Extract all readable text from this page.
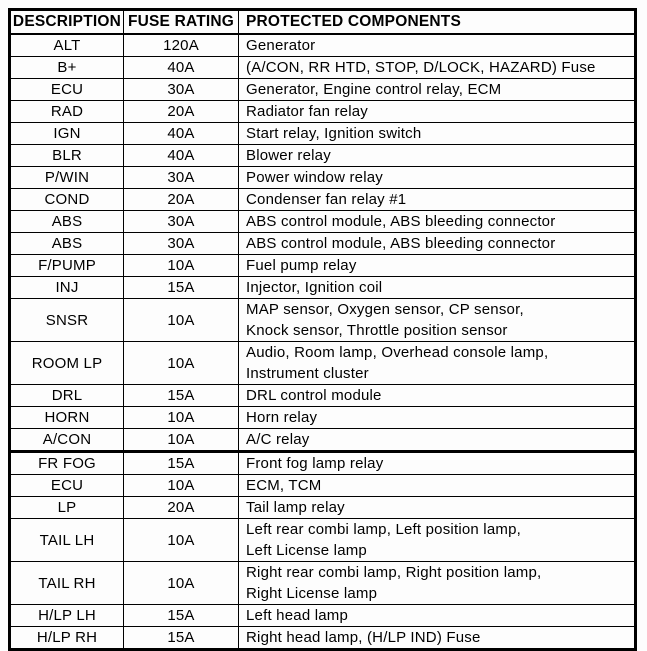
DESCRIPTION	FUSE RATING	PROTECTED COMPONENTS
ALT	120A	Generator

B+	40A	(A/CON, RR HTD, STOP, D/LOCK, HAZARD) Fuse

ECU	30A	Generator, Engine control relay, ECM

RAD	20A	Radiator fan relay

IGN	40A	Start relay, Ignition switch

BLR	40A	Blower relay

P/WIN	30A	Power window relay

COND	20A	Condenser fan relay #1

ABS	30A	ABS control module, ABS bleeding connector

ABS	30A	ABS control module, ABS bleeding connector

F/PUMP	10A	Fuel pump relay

INJ	15A	Injector, Ignition coil

SNSR	10A	MAP sensor, Oxygen sensor, CP sensor,
Knock sensor, Throttle position sensor

ROOM LP	10A	Audio, Room lamp, Overhead console lamp,
Instrument cluster

DRL	15A	DRL control module

HORN	10A	Horn relay

A/CON	10A	A/C relay

FR FOG	15A	Front fog lamp relay

ECU	10A	ECM, TCM

LP	20A	Tail lamp relay

TAIL LH	10A	Left rear combi lamp, Left position lamp,
Left License lamp

TAIL RH	10A	Right rear combi lamp, Right position lamp,
Right License lamp

H/LP LH	15A	Left head lamp

H/LP RH	15A	Right head lamp, (H/LP IND) Fuse
